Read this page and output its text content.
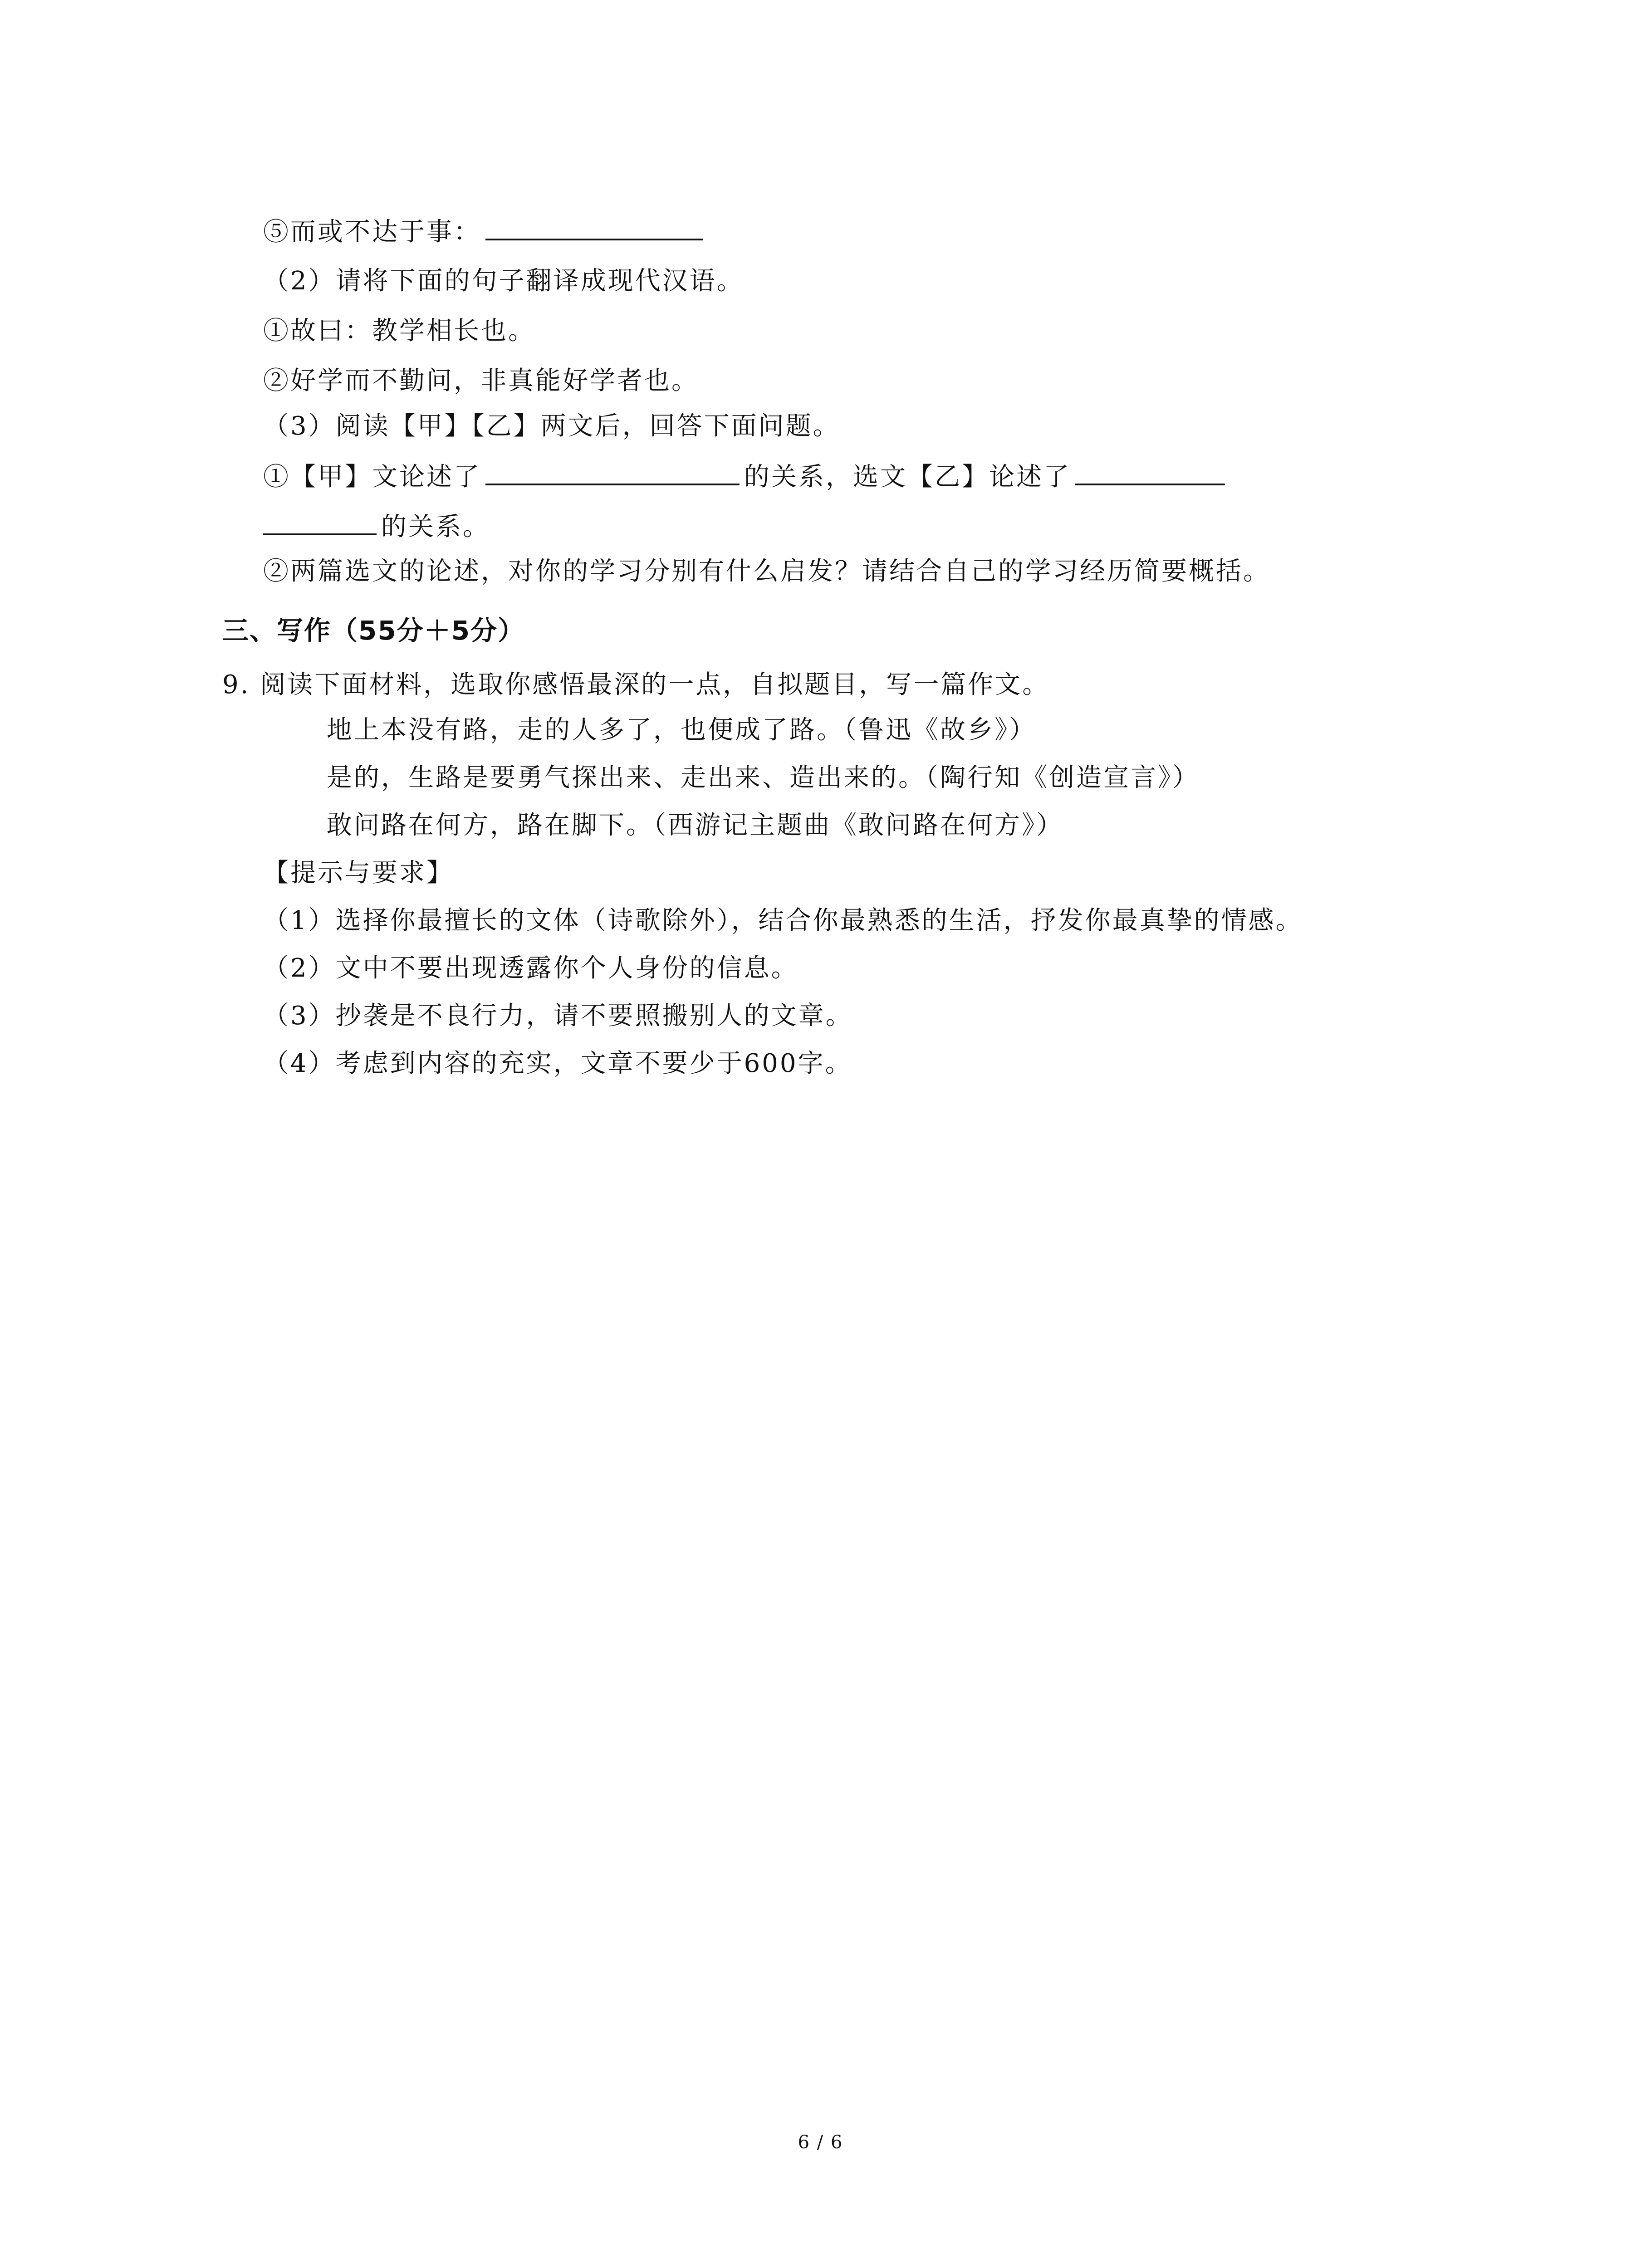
⑤而或不达于事：
（2）请将下面的句子翻译成现代汉语。
①故曰：教学相长也。
②好学而不勤问，非真能好学者也。
（3）阅读【甲】【乙】两文后，回答下面问题。
①【甲】文论述了	的关系，选文【乙】论述了
的关系。
②两篇选文的论述，对你的学习分别有什么启发？请结合自己的学习经历简要概括。
三、写作（55分＋5分）
9. 阅读下面材料，选取你感悟最深的一点，自拟题目，写一篇作文。
地上本没有路，走的人多了，也便成了路。（鲁迅《故乡》）
是的，生路是要勇气探出来、走出来、造出来的。（陶行知《创造宣言》）
敢问路在何方，路在脚下。（西游记主题曲《敢问路在何方》）
【提示与要求】
（1）选择你最擅长的文体（诗歌除外），结合你最熟悉的生活，抒发你最真挚的情感。
（2）文中不要出现透露你个人身份的信息。
（3）抄袭是不良行力，请不要照搬别人的文章。
（4）考虑到内容的充实，文章不要少于600字。
6 / 6
